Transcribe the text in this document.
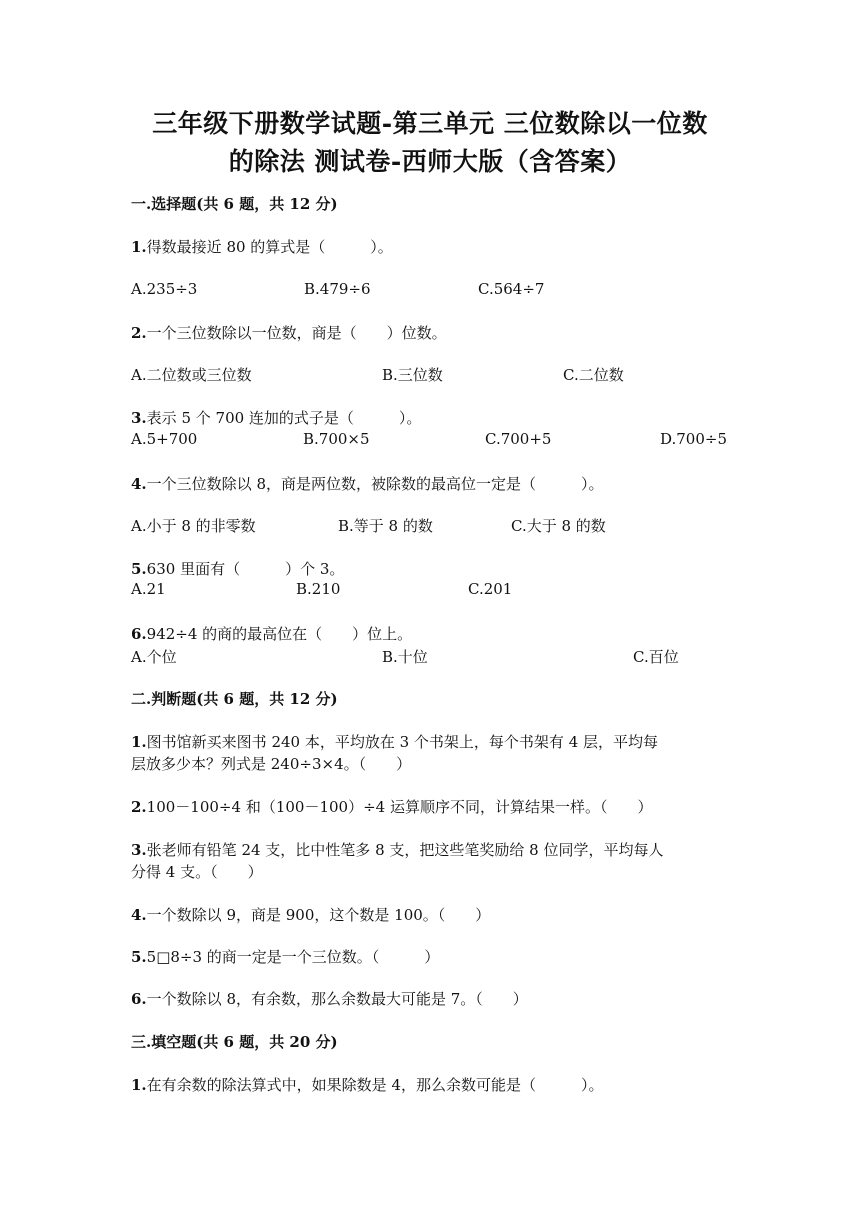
三年级下册数学试题-第三单元 三位数除以一位数
的除法 测试卷-西师大版（含答案）
一.选择题(共 6 题，共 12 分)
1.得数最接近 80 的算式是（　　　）。
A.235÷3	B.479÷6	C.564÷7
2.一个三位数除以一位数，商是（　　）位数。
A.二位数或三位数	B.三位数	C.二位数
3.表示 5 个 700 连加的式子是（　　　）。
A.5+700	B.700×5	C.700+5	D.700÷5
4.一个三位数除以 8，商是两位数，被除数的最高位一定是（　　　）。
A.小于 8 的非零数	B.等于 8 的数	C.大于 8 的数
5.630 里面有（　　　）个 3。
A.21	B.210	C.201
6.942÷4 的商的最高位在（　　）位上。
A.个位	B.十位	C.百位
二.判断题(共 6 题，共 12 分)
1.图书馆新买来图书 240 本，平均放在 3 个书架上，每个书架有 4 层，平均每
层放多少本？列式是 240÷3×4。（　　）
2.100－100÷4 和（100－100）÷4 运算顺序不同，计算结果一样。（　　）
3.张老师有铅笔 24 支，比中性笔多 8 支，把这些笔奖励给 8 位同学，平均每人
分得 4 支。（　　）
4.一个数除以 9，商是 900，这个数是 100。（　　）
5.5□8÷3 的商一定是一个三位数。（　　　）
6.一个数除以 8，有余数，那么余数最大可能是 7。（　　）
三.填空题(共 6 题，共 20 分)
1.在有余数的除法算式中，如果除数是 4，那么余数可能是（　　　）。
